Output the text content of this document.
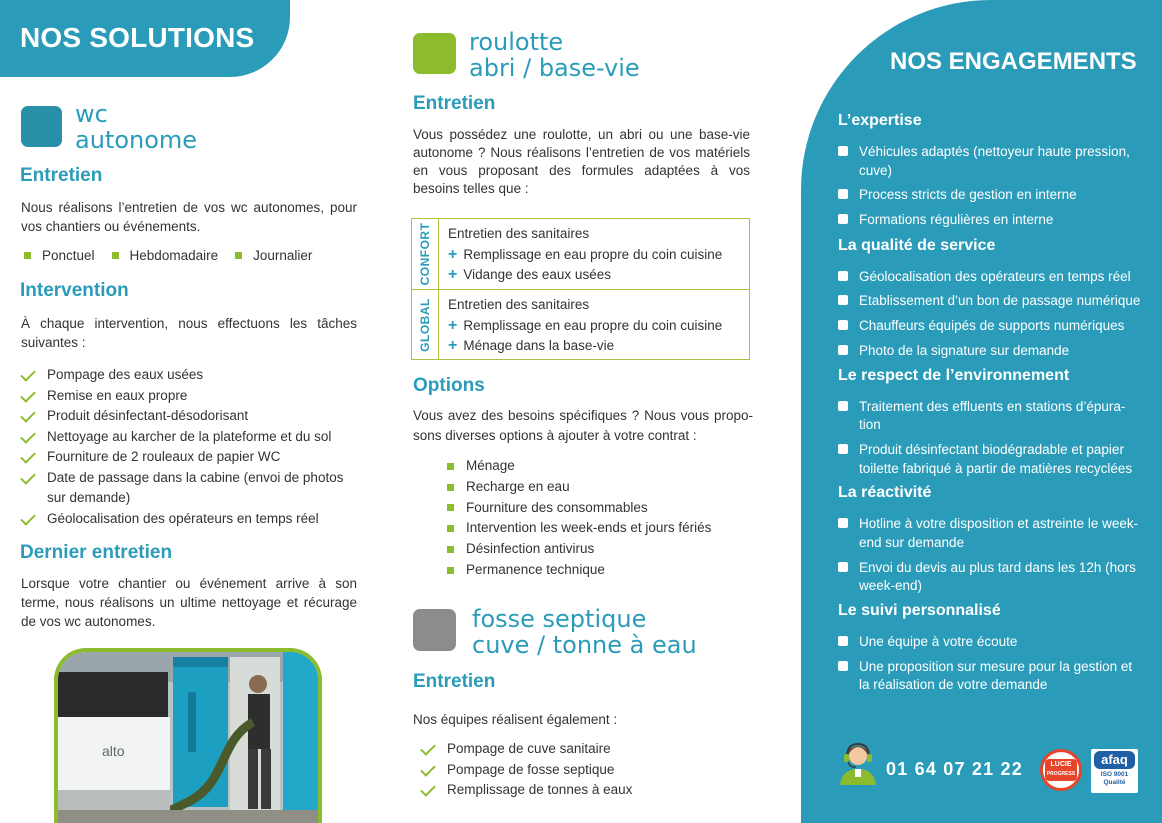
NOS SOLUTIONS
wc
autonome
Entretien
Nous réalisons l’entretien de vos wc autonomes, pour vos chantiers ou événements.
Ponctuel	Hebdomadaire	Journalier
Intervention
À chaque intervention, nous effectuons les tâches suivantes :
Pompage des eaux usées
Remise en eaux propre
Produit désinfectant-désodorisant
Nettoyage au karcher de la plateforme et du sol
Fourniture de 2 rouleaux de papier WC
Date de passage dans la cabine (envoi de photos sur demande)
Géolocalisation des opérateurs en temps réel
Dernier entretien
Lorsque votre chantier ou événement arrive à son terme, nous réalisons un ultime nettoyage et récurage de vos wc autonomes.
alto
roulotte
abri / base-vie
Entretien
Vous possédez une roulotte, un abri ou une base-vie autonome ? Nous réalisons l’entretien de vos matériels en vous proposant des formules adaptées à vos besoins telles que :
CONFORT Entretien des sanitaires
+ Remplissage en eau propre du coin cuisine
+ Vidange des eaux usées
GLOBAL Entretien des sanitaires
+ Remplissage en eau propre du coin cuisine
+ Ménage dans la base-vie
Options
Vous avez des besoins spécifiques ? Nous vous propo-sons diverses options à ajouter à votre contrat :
Ménage
Recharge en eau
Fourniture des consommables
Intervention les week-ends et jours fériés
Désinfection antivirus
Permanence technique
fosse septique
cuve / tonne à eau
Entretien
Nos équipes réalisent également :
Pompage de cuve sanitaire
Pompage de fosse septique
Remplissage de tonnes à eaux
NOS ENGAGEMENTS
L’expertise
Véhicules adaptés (nettoyeur haute pression, cuve)
Process stricts de gestion en interne
Formations régulières en interne
La qualité de service
Géolocalisation des opérateurs en temps réel
Etablissement d’un bon de passage numérique
Chauffeurs équipés de supports numériques
Photo de la signature sur demande
Le respect de l’environnement
Traitement des effluents en stations d’épura-tion
Produit désinfectant biodégradable et papier toilette fabriqué à partir de matières recyclées
La réactivité
Hotline à votre disposition et astreinte le week-end sur demande
Envoi du devis au plus tard dans les 12h (hors week-end)
Le suivi personnalisé
Une équipe à votre écoute
Une proposition sur mesure pour la gestion et la réalisation de votre demande
01 64 07 21 22	LUCIE
PROGRESS
afaq
ISO 9001
Qualité
